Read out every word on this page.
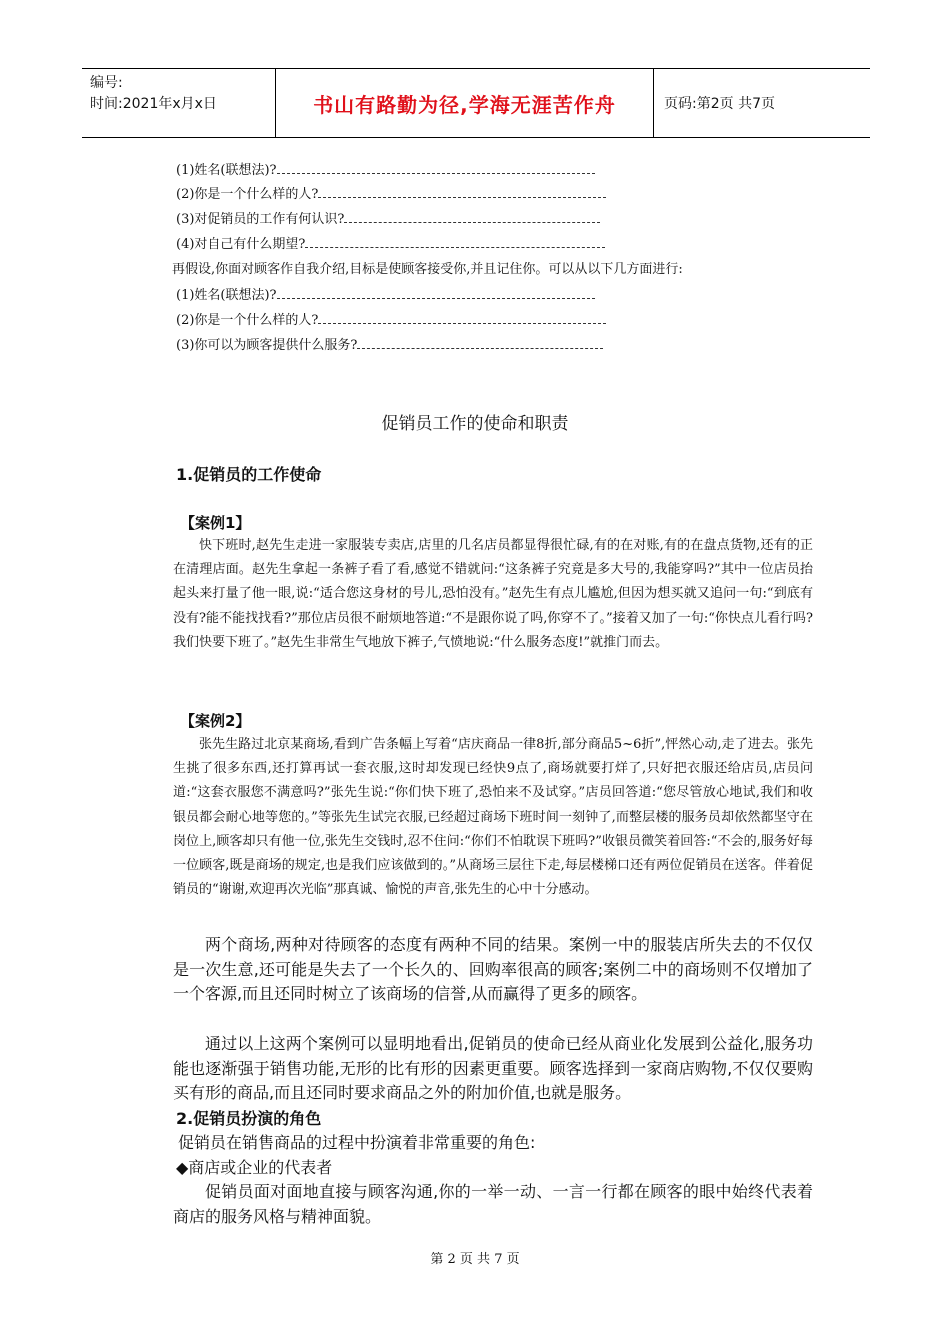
编号:
时间:2021年x月x日	书山有路勤为径,学海无涯苦作舟	页码:第2页 共7页
(1)姓名(联想法)?
(2)你是一个什么样的人?
(3)对促销员的工作有何认识?
(4)对自己有什么期望?
再假设,你面对顾客作自我介绍,目标是使顾客接受你,并且记住你。可以从以下几方面进行:
(1)姓名(联想法)?
(2)你是一个什么样的人?
(3)你可以为顾客提供什么服务?
促销员工作的使命和职责
1.促销员的工作使命
【案例1】

快下班时,赵先生走进一家服装专卖店,店里的几名店员都显得很忙碌,有的在对账,有的在盘点货物,还有的正在清理店面。赵先生拿起一条裤子看了看,感觉不错就问:“这条裤子究竟是多大号的,我能穿吗?”其中一位店员抬起头来打量了他一眼,说:“适合您这身材的号儿,恐怕没有。”赵先生有点儿尴尬,但因为想买就又追问一句:“到底有没有?能不能找找看?”那位店员很不耐烦地答道:“不是跟你说了吗,你穿不了。”接着又加了一句:“你快点儿看行吗?我们快要下班了。”赵先生非常生气地放下裤子,气愤地说:“什么服务态度!”就推门而去。

【案例2】

张先生路过北京某商场,看到广告条幅上写着“店庆商品一律8折,部分商品5~6折”,怦然心动,走了进去。张先生挑了很多东西,还打算再试一套衣服,这时却发现已经快9点了,商场就要打烊了,只好把衣服还给店员,店员问道:“这套衣服您不满意吗?”张先生说:“你们快下班了,恐怕来不及试穿。”店员回答道:“您尽管放心地试,我们和收银员都会耐心地等您的。”等张先生试完衣服,已经超过商场下班时间一刻钟了,而整层楼的服务员却依然都坚守在岗位上,顾客却只有他一位,张先生交钱时,忍不住问:“你们不怕耽误下班吗?”收银员微笑着回答:“不会的,服务好每一位顾客,既是商场的规定,也是我们应该做到的。”从商场三层往下走,每层楼梯口还有两位促销员在送客。伴着促销员的“谢谢,欢迎再次光临”那真诚、愉悦的声音,张先生的心中十分感动。

两个商场,两种对待顾客的态度有两种不同的结果。案例一中的服装店所失去的不仅仅是一次生意,还可能是失去了一个长久的、回购率很高的顾客;案例二中的商场则不仅增加了一个客源,而且还同时树立了该商场的信誉,从而赢得了更多的顾客。

通过以上这两个案例可以显明地看出,促销员的使命已经从商业化发展到公益化,服务功能也逐渐强于销售功能,无形的比有形的因素更重要。顾客选择到一家商店购物,不仅仅要购买有形的商品,而且还同时要求商品之外的附加价值,也就是服务。

2.促销员扮演的角色
促销员在销售商品的过程中扮演着非常重要的角色:
◆商店或企业的代表者

促销员面对面地直接与顾客沟通,你的一举一动、一言一行都在顾客的眼中始终代表着商店的服务风格与精神面貌。

第 2 页 共 7 页
